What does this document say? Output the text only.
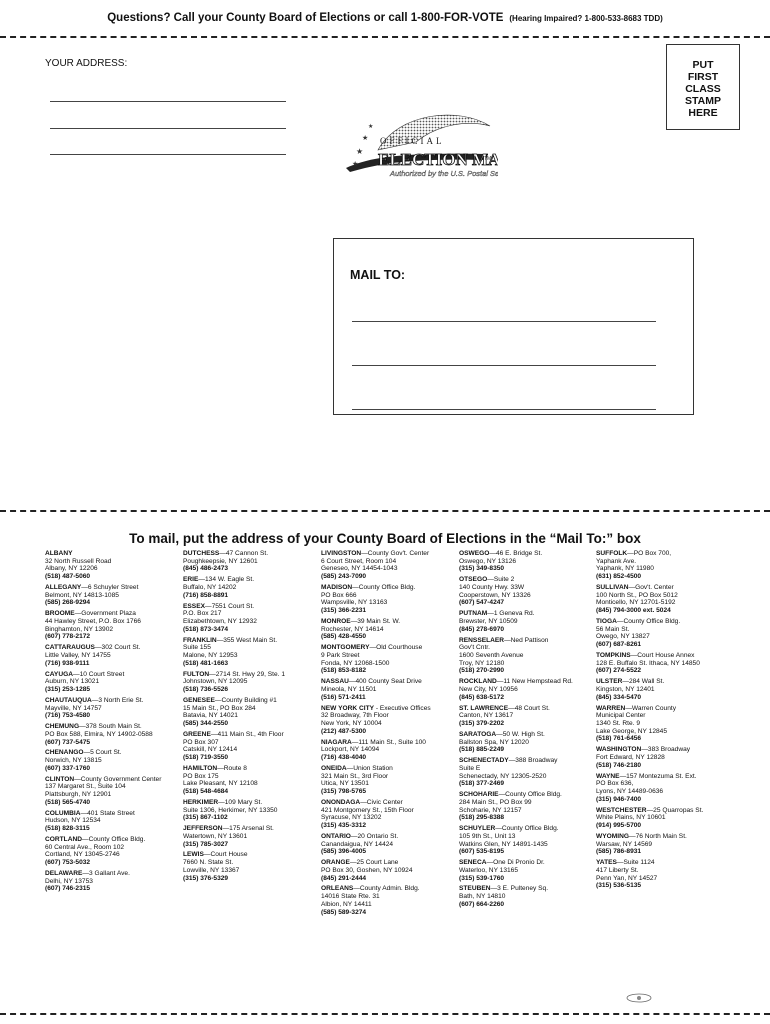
Questions? Call your County Board of Elections or call 1-800-FOR-VOTE (Hearing Impaired? 1-800-533-8683 TDD)
YOUR ADDRESS:	PUT
FIRST
CLASS
STAMP
HERE
★
★
★
★
OFFICIAL
ELECTION MA
TM
Authorized by the U.S. Postal S
MAIL TO:
To mail, put the address of your County Board of Elections in the “Mail To:” box
ALBANY
32 North Russell Road
Albany, NY 12206
(518) 487-5060
ALLEGANY—6 Schuyler Street
Belmont, NY 14813-1085
(585) 268-9294
BROOME—Government Plaza
44 Hawley Street, P.O. Box 1766
Binghamton, NY 13902
(607) 778-2172
CATTARAUGUS—302 Court St.
Little Valley, NY 14755
(716) 938-9111
CAYUGA—10 Court Street
Auburn, NY 13021
(315) 253-1285
CHAUTAUQUA—3 North Erie St.
Mayville, NY 14757
(716) 753-4580
CHEMUNG—378 South Main St.
PO Box 588, Elmira, NY 14902-0588
(607) 737-5475
CHENANGO—5 Court St.
Norwich, NY 13815
(607) 337-1760
CLINTON—County Government Center
137 Margaret St., Suite 104
Plattsburgh, NY 12901
(518) 565-4740
COLUMBIA—401 State Street
Hudson, NY 12534
(518) 828-3115
CORTLAND—County Office Bldg.
60 Central Ave., Room 102
Cortland, NY 13045-2746
(607) 753-5032
DELAWARE—3 Gallant Ave.
Delhi, NY 13753
(607) 746-2315
DUTCHESS—47 Cannon St.
Poughkeepsie, NY 12601
(845) 486-2473
ERIE—134 W. Eagle St.
Buffalo, NY 14202
(716) 858-8891
ESSEX—7551 Court St.
P.O. Box 217
Elizabethtown, NY 12932
(518) 873-3474
FRANKLIN—355 West Main St.
Suite 155
Malone, NY 12953
(518) 481-1663
FULTON—2714 St. Hwy 29, Ste. 1
Johnstown, NY 12095
(518) 736-5526
GENESEE—County Building #1
15 Main St., PO Box 284
Batavia, NY 14021
(585) 344-2550
GREENE—411 Main St., 4th Floor
PO Box 307
Catskill, NY 12414
(518) 719-3550
HAMILTON—Route 8
PO Box 175
Lake Pleasant, NY 12108
(518) 548-4684
HERKIMER—109 Mary St.
Suite 1306, Herkimer, NY 13350
(315) 867-1102
JEFFERSON—175 Arsenal St.
Watertown, NY 13601
(315) 785-3027
LEWIS—Court House
7660 N. State St.
Lowville, NY 13367
(315) 376-5329
LIVINGSTON—County Gov't. Center
6 Court Street, Room 104
Geneseo, NY 14454-1043
(585) 243-7090
MADISON—County Office Bldg.
PO Box 666
Wampsville, NY 13163
(315) 366-2231
MONROE—39 Main St. W.
Rochester, NY 14614
(585) 428-4550
MONTGOMERY—Old Courthouse
9 Park Street
Fonda, NY 12068-1500
(518) 853-8182
NASSAU—400 County Seat Drive
Mineola, NY 11501
(516) 571-2411
NEW YORK CITY - Executive Offices
32 Broadway, 7th Floor
New York, NY 10004
(212) 487-5300
NIAGARA—111 Main St., Suite 100
Lockport, NY 14094
(716) 438-4040
ONEIDA—Union Station
321 Main St., 3rd Floor
Utica, NY 13501
(315) 798-5765
ONONDAGA—Civic Center
421 Montgomery St., 15th Floor
Syracuse, NY 13202
(315) 435-3312
ONTARIO—20 Ontario St.
Canandaigua, NY 14424
(585) 396-4005
ORANGE—25 Court Lane
PO Box 30, Goshen, NY 10924
(845) 291-2444
ORLEANS—County Admin. Bldg.
14016 State Rte. 31
Albion, NY 14411
(585) 589-3274
OSWEGO—46 E. Bridge St.
Oswego, NY 13126
(315) 349-8350
OTSEGO—Suite 2
140 County Hwy. 33W
Cooperstown, NY 13326
(607) 547-4247
PUTNAM—1 Geneva Rd.
Brewster, NY 10509
(845) 278-6970
RENSSELAER—Ned Pattison
Gov't Cntr.
1600 Seventh Avenue
Troy, NY 12180
(518) 270-2990
ROCKLAND—11 New Hempstead Rd.
New City, NY 10956
(845) 638-5172
ST. LAWRENCE—48 Court St.
Canton, NY 13617
(315) 379-2202
SARATOGA—50 W. High St.
Ballston Spa, NY 12020
(518) 885-2249
SCHENECTADY—388 Broadway
Suite E
Schenectady, NY 12305-2520
(518) 377-2469
SCHOHARIE—County Office Bldg.
284 Main St., PO Box 99
Schoharie, NY 12157
(518) 295-8388
SCHUYLER—County Office Bldg.
105 9th St., Unit 13
Watkins Glen, NY 14891-1435
(607) 535-8195
SENECA—One Di Pronio Dr.
Waterloo, NY 13165
(315) 539-1760
STEUBEN—3 E. Pulteney Sq.
Bath, NY 14810
(607) 664-2260
SUFFOLK—PO Box 700,
Yaphank Ave.
Yaphank, NY 11980
(631) 852-4500
SULLIVAN—Gov't. Center
100 North St., PO Box 5012
Monticello, NY 12701-5192
(845) 794-3000 ext. 5024
TIOGA—County Office Bldg.
56 Main St.
Owego, NY 13827
(607) 687-8261
TOMPKINS—Court House Annex
128 E. Buffalo St. Ithaca, NY 14850
(607) 274-5522
ULSTER—284 Wall St.
Kingston, NY 12401
(845) 334-5470
WARREN—Warren County
Municipal Center
1340 St. Rte. 9
Lake George, NY 12845
(518) 761-6456
WASHINGTON—383 Broadway
Fort Edward, NY 12828
(518) 746-2180
WAYNE—157 Montezuma St. Ext.
PO Box 636,
Lyons, NY 14489-0636
(315) 946-7400
WESTCHESTER—25 Quarropas St.
White Plains, NY 10601
(914) 995-5700
WYOMING—76 North Main St.
Warsaw, NY 14569
(585) 786-8931
YATES—Suite 1124
417 Liberty St.
Penn Yan, NY 14527
(315) 536-5135
